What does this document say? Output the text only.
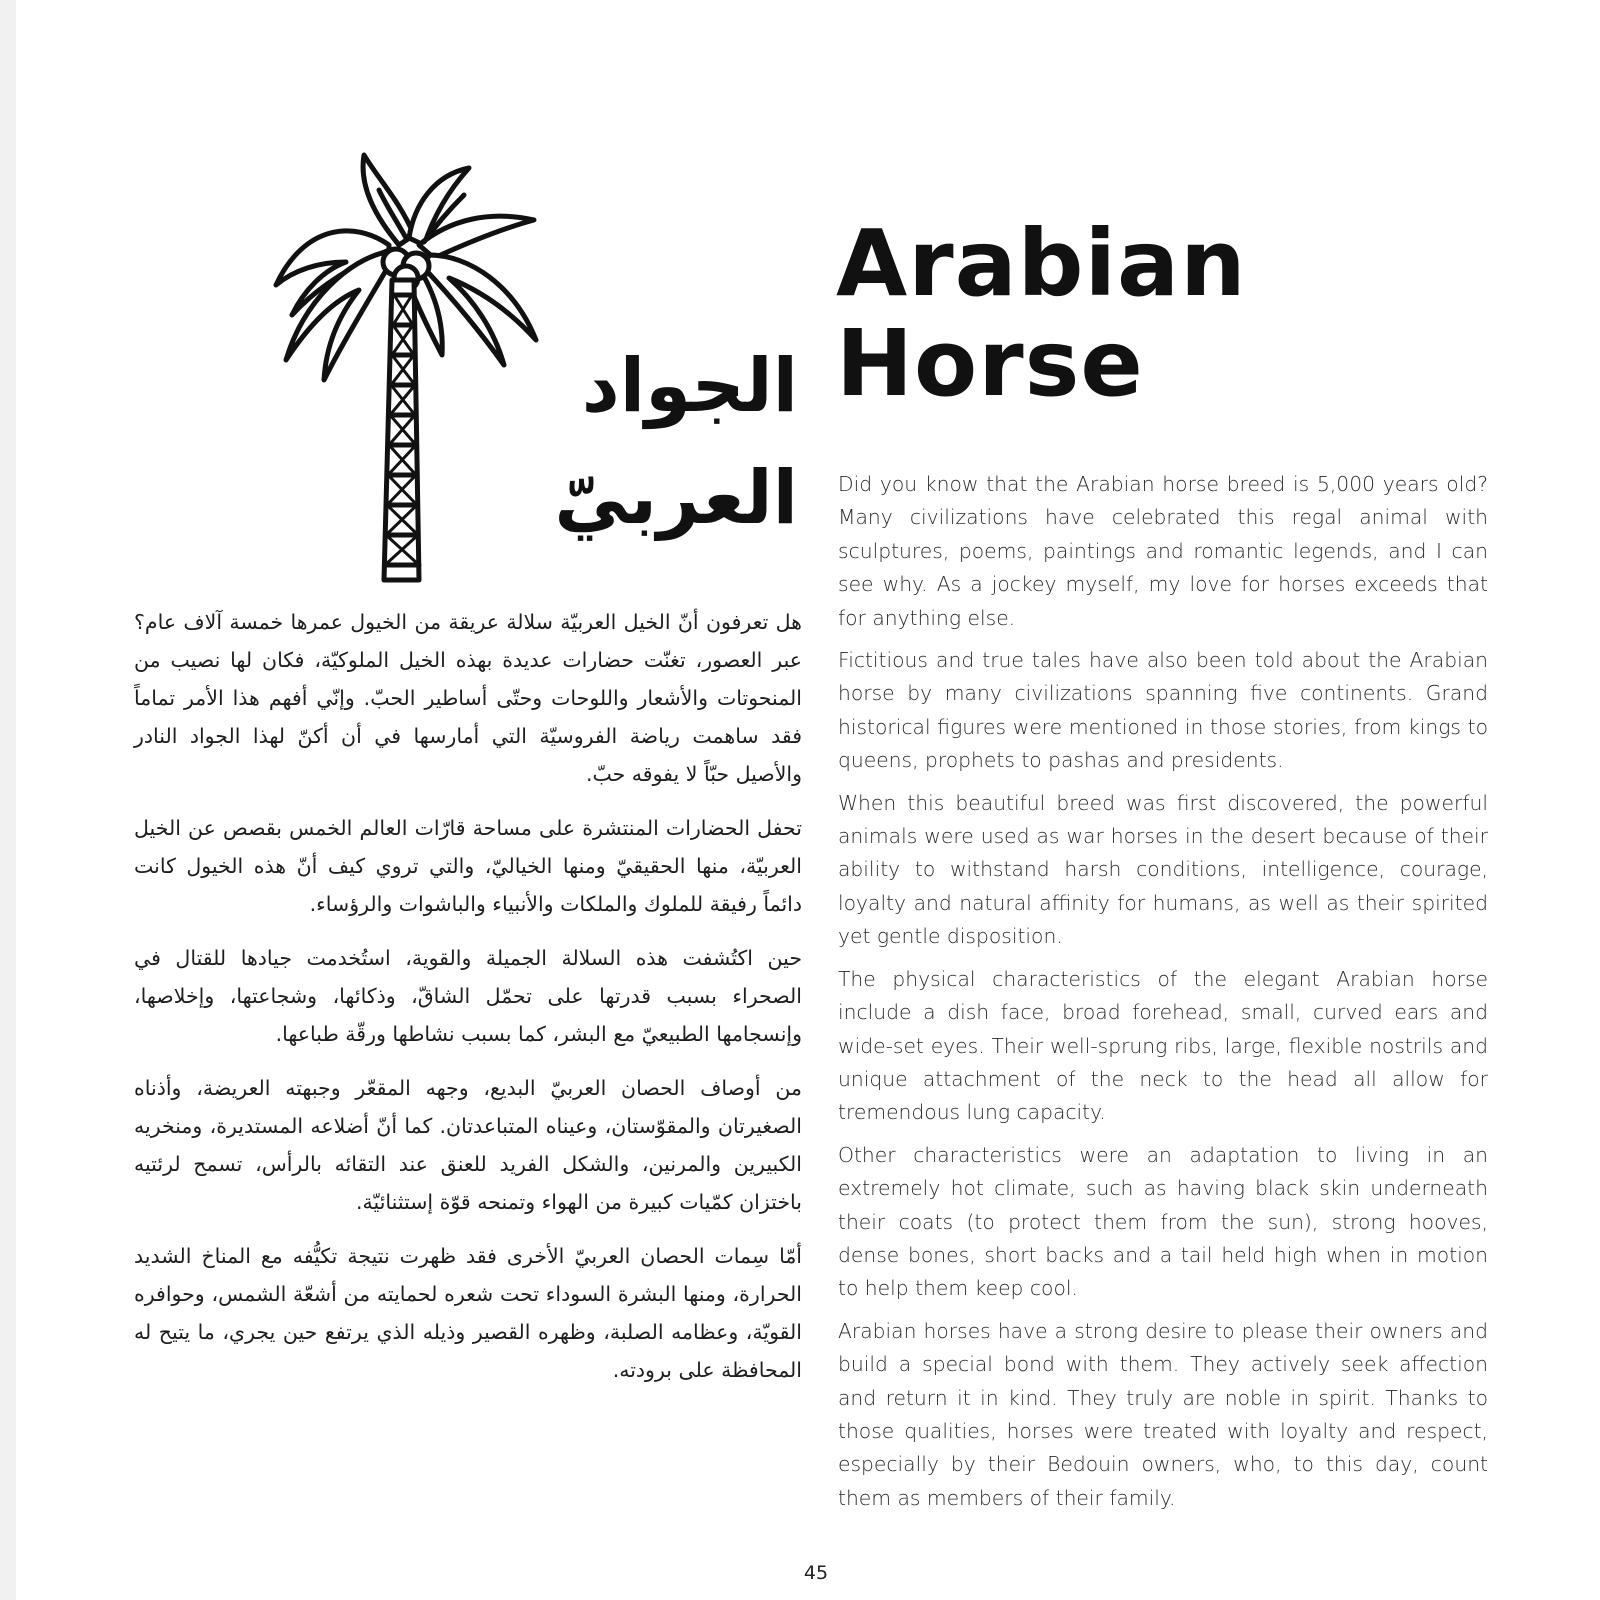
Arabian
Horse
الجواد
العربيّ Did you know that the Arabian horse breed is 5,000 years old? Many civilizations have celebrated this regal animal with sculptures, poems, paintings and romantic legends, and I can see why. As a jockey myself, my love for horses exceeds that for anything else.

Fictitious and true tales have also been told about the Arabian horse by many civilizations spanning five continents. Grand historical figures were mentioned in those stories, from kings to queens, prophets to pashas and presidents.

When this beautiful breed was first discovered, the powerful animals were used as war horses in the desert because of their ability to withstand harsh conditions, intelligence, courage, loyalty and natural affinity for humans, as well as their spirited yet gentle disposition.

The physical characteristics of the elegant Arabian horse include a dish face, broad forehead, small, curved ears and wide-set eyes. Their well-sprung ribs, large, flexible nostrils and unique attachment of the neck to the head all allow for tremendous lung capacity.

Other characteristics were an adaptation to living in an extremely hot climate, such as having black skin underneath their coats (to protect them from the sun), strong hooves, dense bones, short backs and a tail held high when in motion to help them keep cool.

Arabian horses have a strong desire to please their owners and build a special bond with them. They actively seek affection and return it in kind. They truly are noble in spirit. Thanks to those qualities, horses were treated with loyalty and respect, especially by their Bedouin owners, who, to this day, count them as members of their family.

هل تعرفون أنّ الخيل العربيّة سلالة عريقة من الخيول عمرها خمسة آلاف عام؟ عبر العصور، تغنّت حضارات عديدة بهذه الخيل الملوكيّة، فكان لها نصيب من المنحوتات والأشعار واللوحات وحتّى أساطير الحبّ. وإنّي أفهم هذا الأمر تماماً فقد ساهمت رياضة الفروسيّة التي أمارسها في أن أكنّ لهذا الجواد النادر والأصيل حبّاً لا يفوقه حبّ.

تحفل الحضارات المنتشرة على مساحة قارّات العالم الخمس بقصص عن الخيل العربيّة، منها الحقيقيّ ومنها الخياليّ، والتي تروي كيف أنّ هذه الخيول كانت دائماً رفيقة للملوك والملكات والأنبياء والباشوات والرؤساء.

حين اكتُشفت هذه السلالة الجميلة والقوية، استُخدمت جيادها للقتال في الصحراء بسبب قدرتها على تحمّل الشاقّ، وذكائها، وشجاعتها، وإخلاصها، وإنسجامها الطبيعيّ مع البشر، كما بسبب نشاطها ورقّة طباعها.

من أوصاف الحصان العربيّ البديع، وجهه المقعّر وجبهته العريضة، وأذناه الصغيرتان والمقوّستان، وعيناه المتباعدتان. كما أنّ أضلاعه المستديرة، ومنخريه الكبيرين والمرنين، والشكل الفريد للعنق عند التقائه بالرأس، تسمح لرئتيه باختزان كمّيات كبيرة من الهواء وتمنحه قوّة إستثنائيّة.

أمّا سِمات الحصان العربيّ الأخرى فقد ظهرت نتيجة تكيُّفه مع المناخ الشديد الحرارة، ومنها البشرة السوداء تحت شعره لحمايته من أشعّة الشمس، وحوافره القويّة، وعظامه الصلبة، وظهره القصير وذيله الذي يرتفع حين يجري، ما يتيح له المحافظة على برودته.

45
